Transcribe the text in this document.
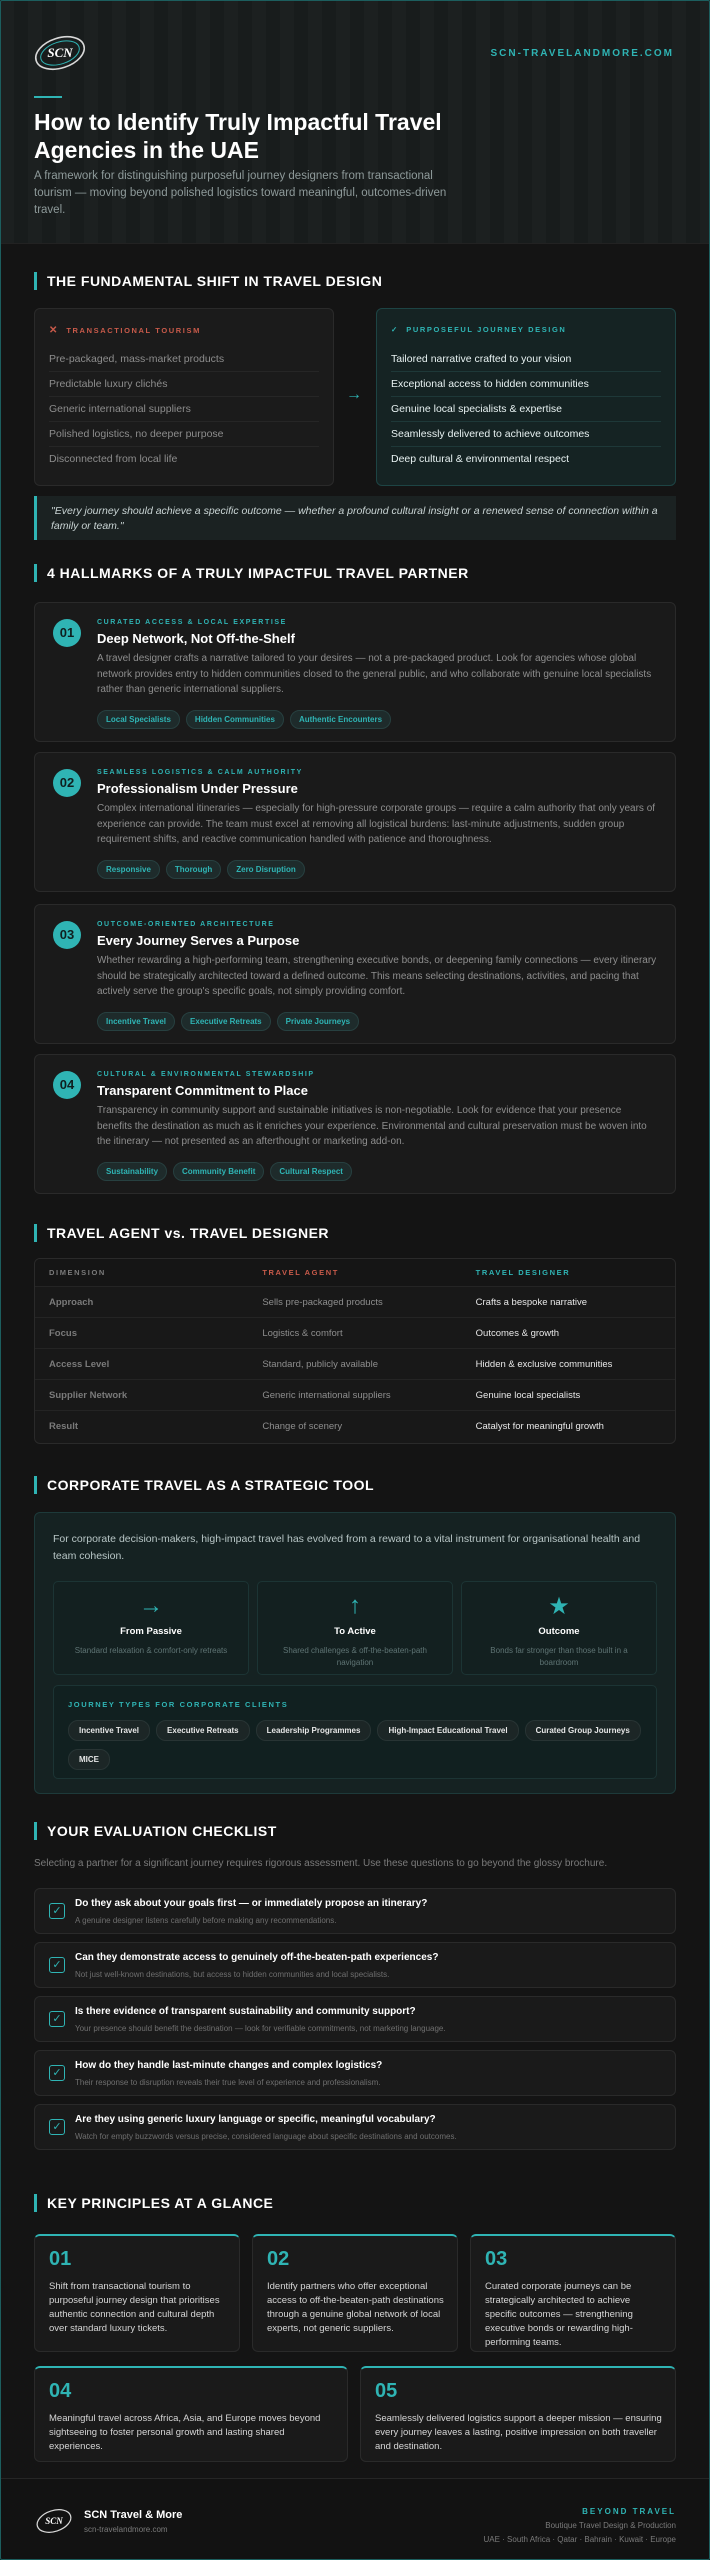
SCN	SCN-TRAVELANDMORE.COM
How to Identify Truly Impactful Travel Agencies in the UAE

A framework for distinguishing purposeful journey designers from transactional tourism — moving beyond polished logistics toward meaningful, outcomes-driven travel.

THE FUNDAMENTAL SHIFT IN TRAVEL DESIGN
✕ TRANSACTIONAL TOURISM
Pre-packaged, mass-market products
Predictable luxury clichés
Generic international suppliers
Polished logistics, no deeper purpose
Disconnected from local life
→
✓ PURPOSEFUL JOURNEY DESIGN
Tailored narrative crafted to your vision
Exceptional access to hidden communities
Genuine local specialists & expertise
Seamlessly delivered to achieve outcomes
Deep cultural & environmental respect
"Every journey should achieve a specific outcome — whether a profound cultural insight or a renewed sense of connection within a family or team."
4 HALLMARKS OF A TRULY IMPACTFUL TRAVEL PARTNER
01
CURATED ACCESS & LOCAL EXPERTISE
Deep Network, Not Off-the-Shelf
A travel designer crafts a narrative tailored to your desires — not a pre-packaged product. Look for agencies whose global network provides entry to hidden communities closed to the general public, and who collaborate with genuine local specialists rather than generic international suppliers.
Local Specialists	Hidden Communities	Authentic Encounters
02
SEAMLESS LOGISTICS & CALM AUTHORITY
Professionalism Under Pressure
Complex international itineraries — especially for high-pressure corporate groups — require a calm authority that only years of experience can provide. The team must excel at removing all logistical burdens: last-minute adjustments, sudden group requirement shifts, and reactive communication handled with patience and thoroughness.
Responsive	Thorough	Zero Disruption
03
OUTCOME-ORIENTED ARCHITECTURE
Every Journey Serves a Purpose
Whether rewarding a high-performing team, strengthening executive bonds, or deepening family connections — every itinerary should be strategically architected toward a defined outcome. This means selecting destinations, activities, and pacing that actively serve the group's specific goals, not simply providing comfort.
Incentive Travel	Executive Retreats	Private Journeys
04
CULTURAL & ENVIRONMENTAL STEWARDSHIP
Transparent Commitment to Place
Transparency in community support and sustainable initiatives is non-negotiable. Look for evidence that your presence benefits the destination as much as it enriches your experience. Environmental and cultural preservation must be woven into the itinerary — not presented as an afterthought or marketing add-on.
Sustainability	Community Benefit	Cultural Respect
TRAVEL AGENT vs. TRAVEL DESIGNER
DIMENSION	TRAVEL AGENT	TRAVEL DESIGNER
Approach	Sells pre-packaged products	Crafts a bespoke narrative
Focus	Logistics & comfort	Outcomes & growth
Access Level	Standard, publicly available	Hidden & exclusive communities
Supplier Network	Generic international suppliers	Genuine local specialists
Result	Change of scenery	Catalyst for meaningful growth
CORPORATE TRAVEL AS A STRATEGIC TOOL
For corporate decision-makers, high-impact travel has evolved from a reward to a vital instrument for organisational health and team cohesion.
→
From Passive
Standard relaxation & comfort-only retreats
↑
To Active
Shared challenges & off-the-beaten-path navigation
★
Outcome
Bonds far stronger than those built in a boardroom
JOURNEY TYPES FOR CORPORATE CLIENTS
Incentive Travel	Executive Retreats	Leadership Programmes	High-Impact Educational Travel	Curated Group JourneysMICE
YOUR EVALUATION CHECKLIST
Selecting a partner for a significant journey requires rigorous assessment. Use these questions to go beyond the glossy brochure.
✓
Do they ask about your goals first — or immediately propose an itinerary?
A genuine designer listens carefully before making any recommendations.
✓
Can they demonstrate access to genuinely off-the-beaten-path experiences?
Not just well-known destinations, but access to hidden communities and local specialists.
✓
Is there evidence of transparent sustainability and community support?
Your presence should benefit the destination — look for verifiable commitments, not marketing language.
✓
How do they handle last-minute changes and complex logistics?
Their response to disruption reveals their true level of experience and professionalism.
✓
Are they using generic luxury language or specific, meaningful vocabulary?
Watch for empty buzzwords versus precise, considered language about specific destinations and outcomes.
KEY PRINCIPLES AT A GLANCE
01
Shift from transactional tourism to purposeful journey design that prioritises authentic connection and cultural depth over standard luxury tickets.
02
Identify partners who offer exceptional access to off-the-beaten-path destinations through a genuine global network of local experts, not generic suppliers.
03
Curated corporate journeys can be strategically architected to achieve specific outcomes — strengthening executive bonds or rewarding high-performing teams.
04
Meaningful travel across Africa, Asia, and Europe moves beyond sightseeing to foster personal growth and lasting shared experiences.
05
Seamlessly delivered logistics support a deeper mission — ensuring every journey leaves a lasting, positive impression on both traveller and destination.
SCN SCN Travel & More
scn-travelandmore.com
BEYOND TRAVEL
Boutique Travel Design & Production
UAE · South Africa · Qatar · Bahrain · Kuwait · Europe
